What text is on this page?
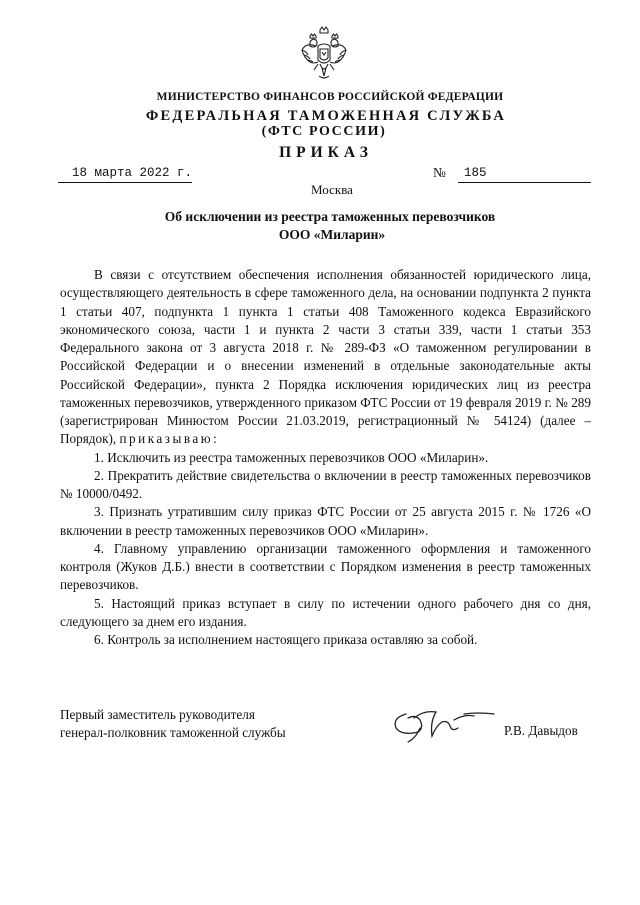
МИНИСТЕРСТВО ФИНАНСОВ РОССИЙСКОЙ ФЕДЕРАЦИИ
ФЕДЕРАЛЬНАЯ ТАМОЖЕННАЯ СЛУЖБА
(ФТС РОССИИ)
ПРИКАЗ
18 марта 2022 г.	№ 185
Москва
Об исключении из реестра таможенных перевозчиков
ООО «Миларин»

В связи с отсутствием обеспечения исполнения обязанностей юридического лица, осуществляющего деятельность в сфере таможенного дела, на основании подпункта 2 пункта 1 статьи 407, подпункта 1 пункта 1 статьи 408 Таможенного кодекса Евразийского экономического союза, части 1 и пункта 2 части 3 статьи 339, части 1 статьи 353 Федерального закона от 3 августа 2018 г. № 289-ФЗ «О таможенном регулировании в Российской Федерации и о внесении изменений в отдельные законодательные акты Российской Федерации», пункта 2 Порядка исключения юридических лиц из реестра таможенных перевозчиков, утвержденного приказом ФТС России от 19 февраля 2019 г. № 289 (зарегистрирован Минюстом России 21.03.2019, регистрационный № 54124) (далее – Порядок), приказываю:

1. Исключить из реестра таможенных перевозчиков ООО «Миларин».

2. Прекратить действие свидетельства о включении в реестр таможенных перевозчиков № 10000/0492.

3. Признать утратившим силу приказ ФТС России от 25 августа 2015 г. № 1726 «О включении в реестр таможенных перевозчиков ООО «Миларин».

4. Главному управлению организации таможенного оформления и таможенного контроля (Жуков Д.Б.) внести в соответствии с Порядком изменения в реестр таможенных перевозчиков.

5. Настоящий приказ вступает в силу по истечении одного рабочего дня со дня, следующего за днем его издания.

6. Контроль за исполнением настоящего приказа оставляю за собой.

Первый заместитель руководителя
генерал-полковник таможенной службы	Р.В. Давыдов
